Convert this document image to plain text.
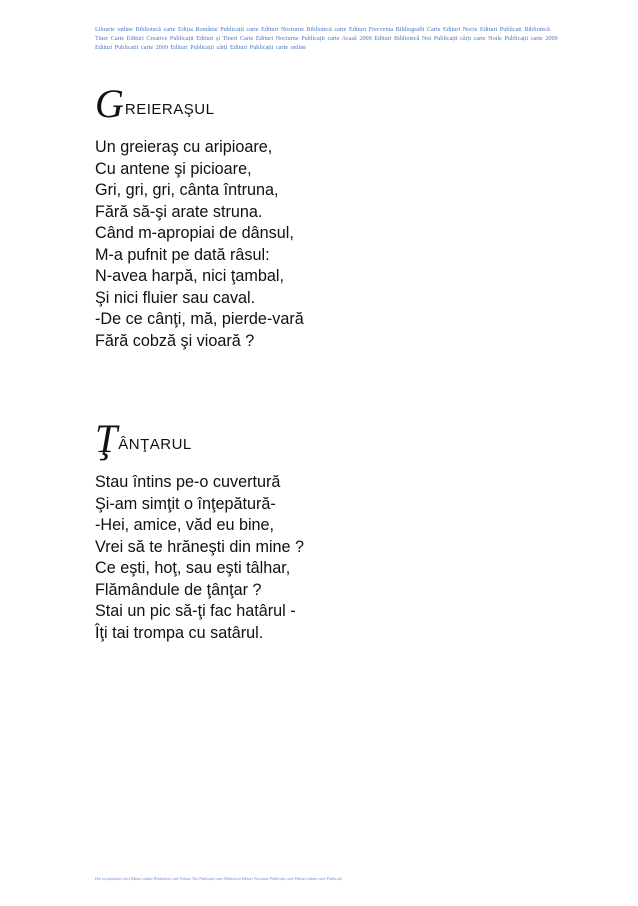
Librarie online Bibliotecă carte Ediția Românie Publicații carte Edituri Nocturne Bibliotecă carte Edituri Frecventa Bibliografii Carte Edituri Nocie Edituri Publicati Bibliotecă Tiner Carte Edituri Creative Publicații Edituri și Tineri Carte Edituri Nocturne Publicații carte Acasă 2009 Edituri Bibliotecă Noi Publicații cărți carte Noile Publicații carte 2009 Edituri Publicații carte 2009 Edituri Publicații cărți Edituri Publicații carte online
G REIERAŞUL
Un greieraş cu aripioare,
Cu antene şi picioare,
Gri, gri, gri, cânta întruna,
Fără să-şi arate struna.
Când m-apropiai de dânsul,
M-a pufnit pe dată râsul:
N-avea harpă, nici ţambal,
Şi nici fluier sau caval.
-De ce cânţi, mă, pierde-vară
Fără cobză şi vioară ?
Ţ ÂNŢARUL
Stau întins pe-o cuvertură
Şi-am simţit o înţepătură-
-Hei, amice, văd eu bine,
Vrei să te hrăneşti din mine ?
Ce eşti, hoţ, sau eşti tâlhar,
Flămândule de ţânţar ?
Stai un pic să-ţi fac hatârul -
Îţi tai trompa cu satârul.
Hai cu publicații cărți Edituri online Bibliotecă carte Edituri Noi Publicații carte Bibliotecă Edituri Nocturne Publicații carte Edituri online carte Publicații
